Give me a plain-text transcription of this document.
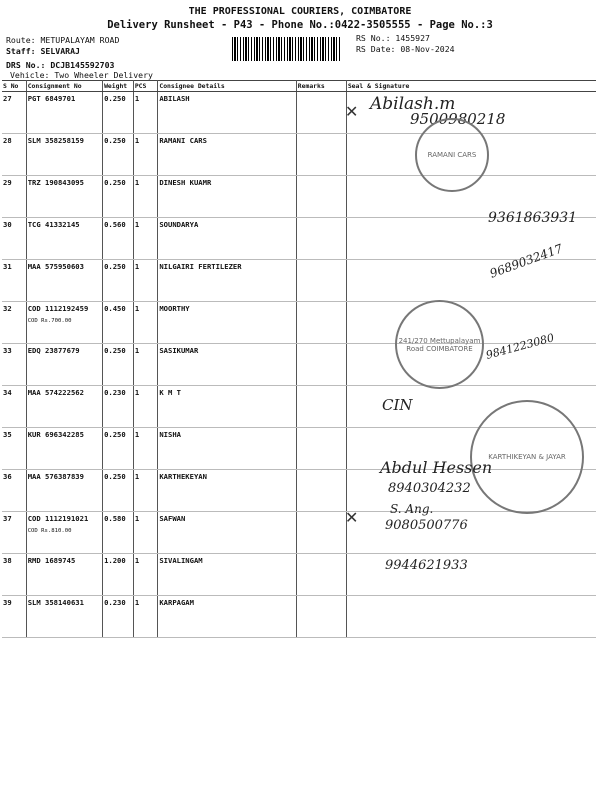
THE PROFESSIONAL COURIERS, COIMBATORE
Delivery Runsheet - P43 - Phone No.:0422-3505555 - Page No.:3
Route: METUPALAYAM ROAD
Staff: SELVARAJ
DRS No.: DCJB145592703
Vehicle: Two Wheeler Delivery
RS No.: 1455927
RS Date: 08-Nov-2024
S No	Consignment No	Weight	PCS	Consignee Details	Remarks	Seal & Signature
27	PGT 6849701	0.250	1	ABILASH		
28	SLM 358258159	0.250	1	RAMANI CARS		
29	TRZ 190843095	0.250	1	DINESH KUAMR		
30	TCG 41332145	0.560	1	SOUNDARYA		
31	MAA 575950603	0.250	1	NILGAIRI FERTILEZER		
32	COD 1112192459
COD Rs.700.00	0.450	1	MOORTHY		
33	EDQ 23877679	0.250	1	SASIKUMAR		
34	MAA 574222562	0.230	1	K M T		
35	KUR 696342285	0.250	1	NISHA		
36	MAA 576387839	0.250	1	KARTHEKEYAN		
37	COD 1112191021
COD Rs.810.00	0.580	1	SAFWAN		
38	RMD 1689745	1.200	1	SIVALINGAM		
39	SLM 358140631	0.230	1	KARPAGAM		
Abilash.m
9500980218
✕
RAMANI CARS
9361863931
9689032417
241/270 Mettupalayam Road COIMBATORE	9841223080
CIN
KARTHIKEYAN & JAYAR
Abdul Hessen
8940304232
S. Ang.
9080500776
✕
9944621933
